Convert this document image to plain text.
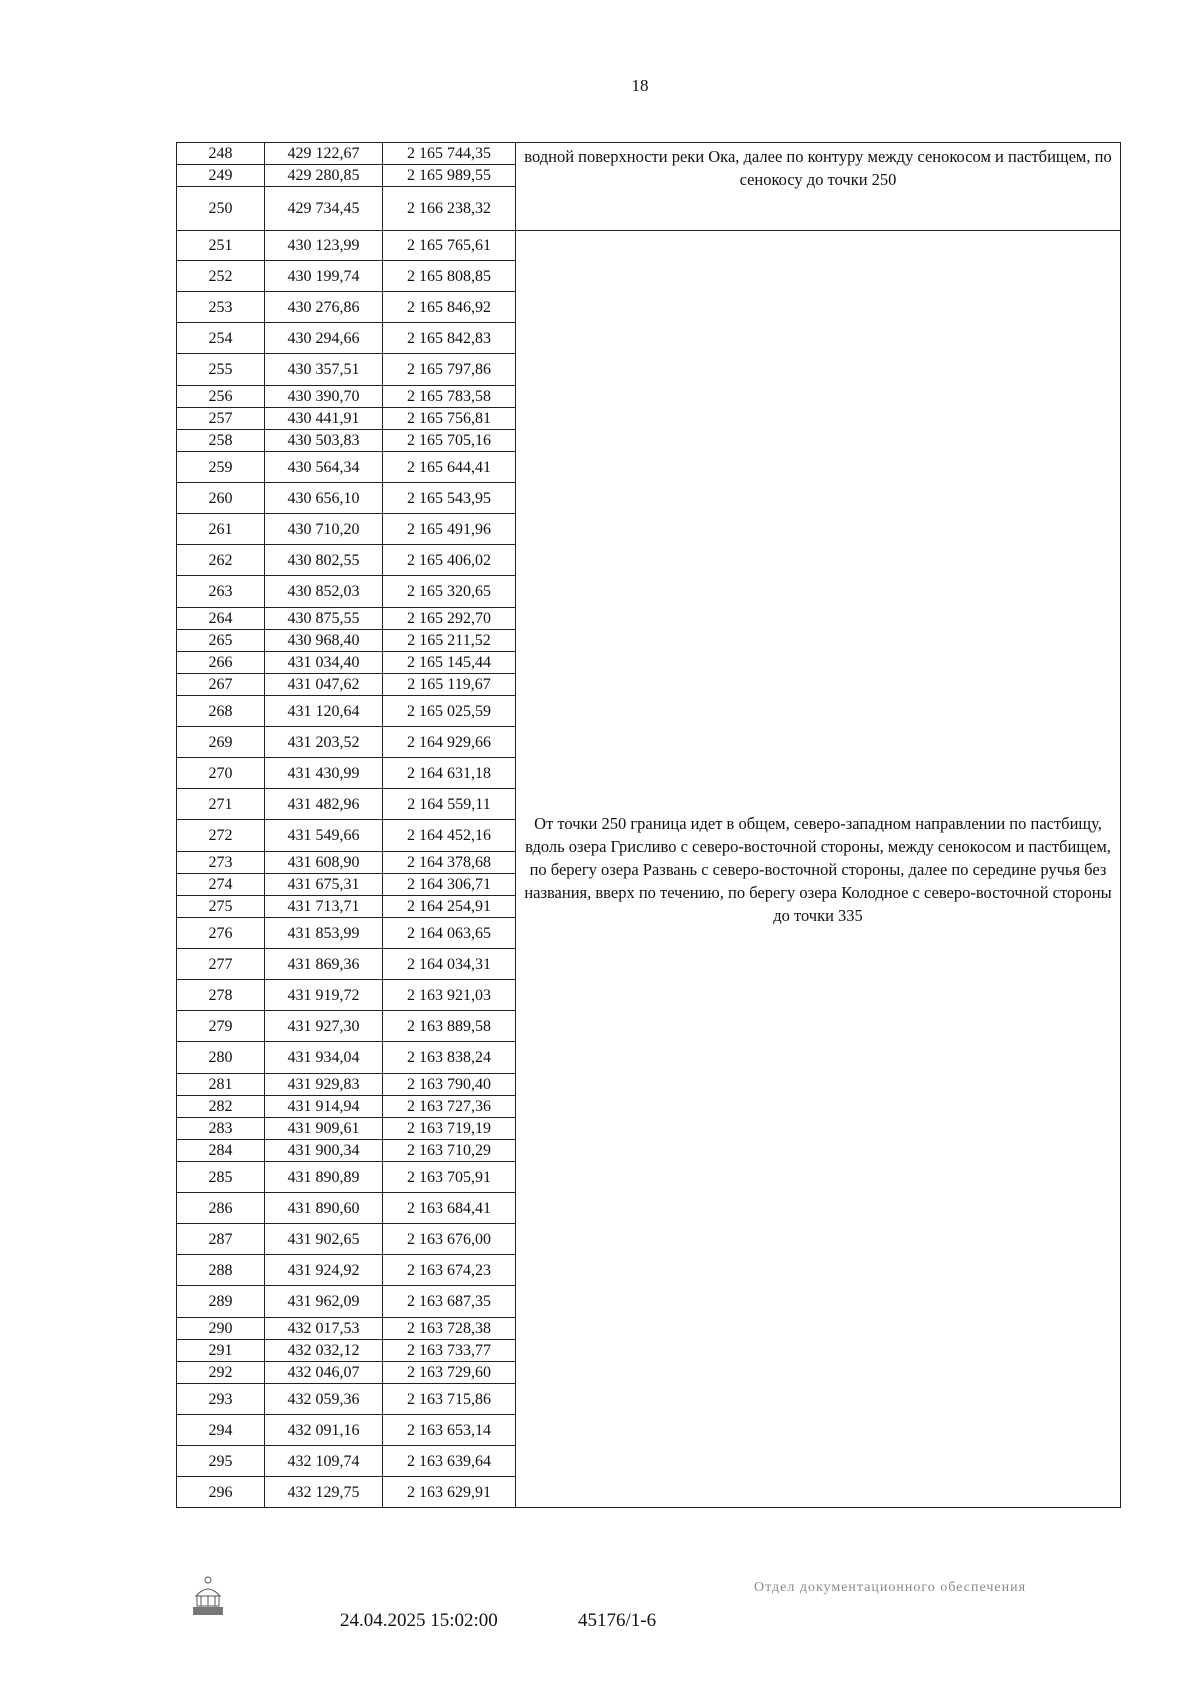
18
248	429 122,67	2 165 744,35	водной поверхности реки Ока, далее по контуру между сенокосом и пастбищем, по сенокосу до точки 250
249	429 280,85	2 165 989,55	
250	429 734,45	2 166 238,32	
251	430 123,99	2 165 765,61	От точки 250 граница идет в общем, северо-западном направлении по пастбищу, вдоль озера Грисливо с северо-восточной стороны, между сенокосом и пастбищем, по берегу озера Развань с северо-восточной стороны, далее по середине ручья без названия, вверх по течению, по берегу озера Колодное с северо-восточной стороны до точки 335
252	430 199,74	2 165 808,85	
253	430 276,86	2 165 846,92	
254	430 294,66	2 165 842,83	
255	430 357,51	2 165 797,86	
256	430 390,70	2 165 783,58	
257	430 441,91	2 165 756,81	
258	430 503,83	2 165 705,16	
259	430 564,34	2 165 644,41	
260	430 656,10	2 165 543,95	
261	430 710,20	2 165 491,96	
262	430 802,55	2 165 406,02	
263	430 852,03	2 165 320,65	
264	430 875,55	2 165 292,70	
265	430 968,40	2 165 211,52	
266	431 034,40	2 165 145,44	
267	431 047,62	2 165 119,67	
268	431 120,64	2 165 025,59	
269	431 203,52	2 164 929,66	
270	431 430,99	2 164 631,18	
271	431 482,96	2 164 559,11	
272	431 549,66	2 164 452,16	
273	431 608,90	2 164 378,68	
274	431 675,31	2 164 306,71	
275	431 713,71	2 164 254,91	
276	431 853,99	2 164 063,65	
277	431 869,36	2 164 034,31	
278	431 919,72	2 163 921,03	
279	431 927,30	2 163 889,58	
280	431 934,04	2 163 838,24	
281	431 929,83	2 163 790,40	
282	431 914,94	2 163 727,36	
283	431 909,61	2 163 719,19	
284	431 900,34	2 163 710,29	
285	431 890,89	2 163 705,91	
286	431 890,60	2 163 684,41	
287	431 902,65	2 163 676,00	
288	431 924,92	2 163 674,23	
289	431 962,09	2 163 687,35	
290	432 017,53	2 163 728,38	
291	432 032,12	2 163 733,77	
292	432 046,07	2 163 729,60	
293	432 059,36	2 163 715,86	
294	432 091,16	2 163 653,14	
295	432 109,74	2 163 639,64	
296	432 129,75	2 163 629,91	
24.04.2025 15:02:00	45176/1-6
Отдел документационного обеспечения
